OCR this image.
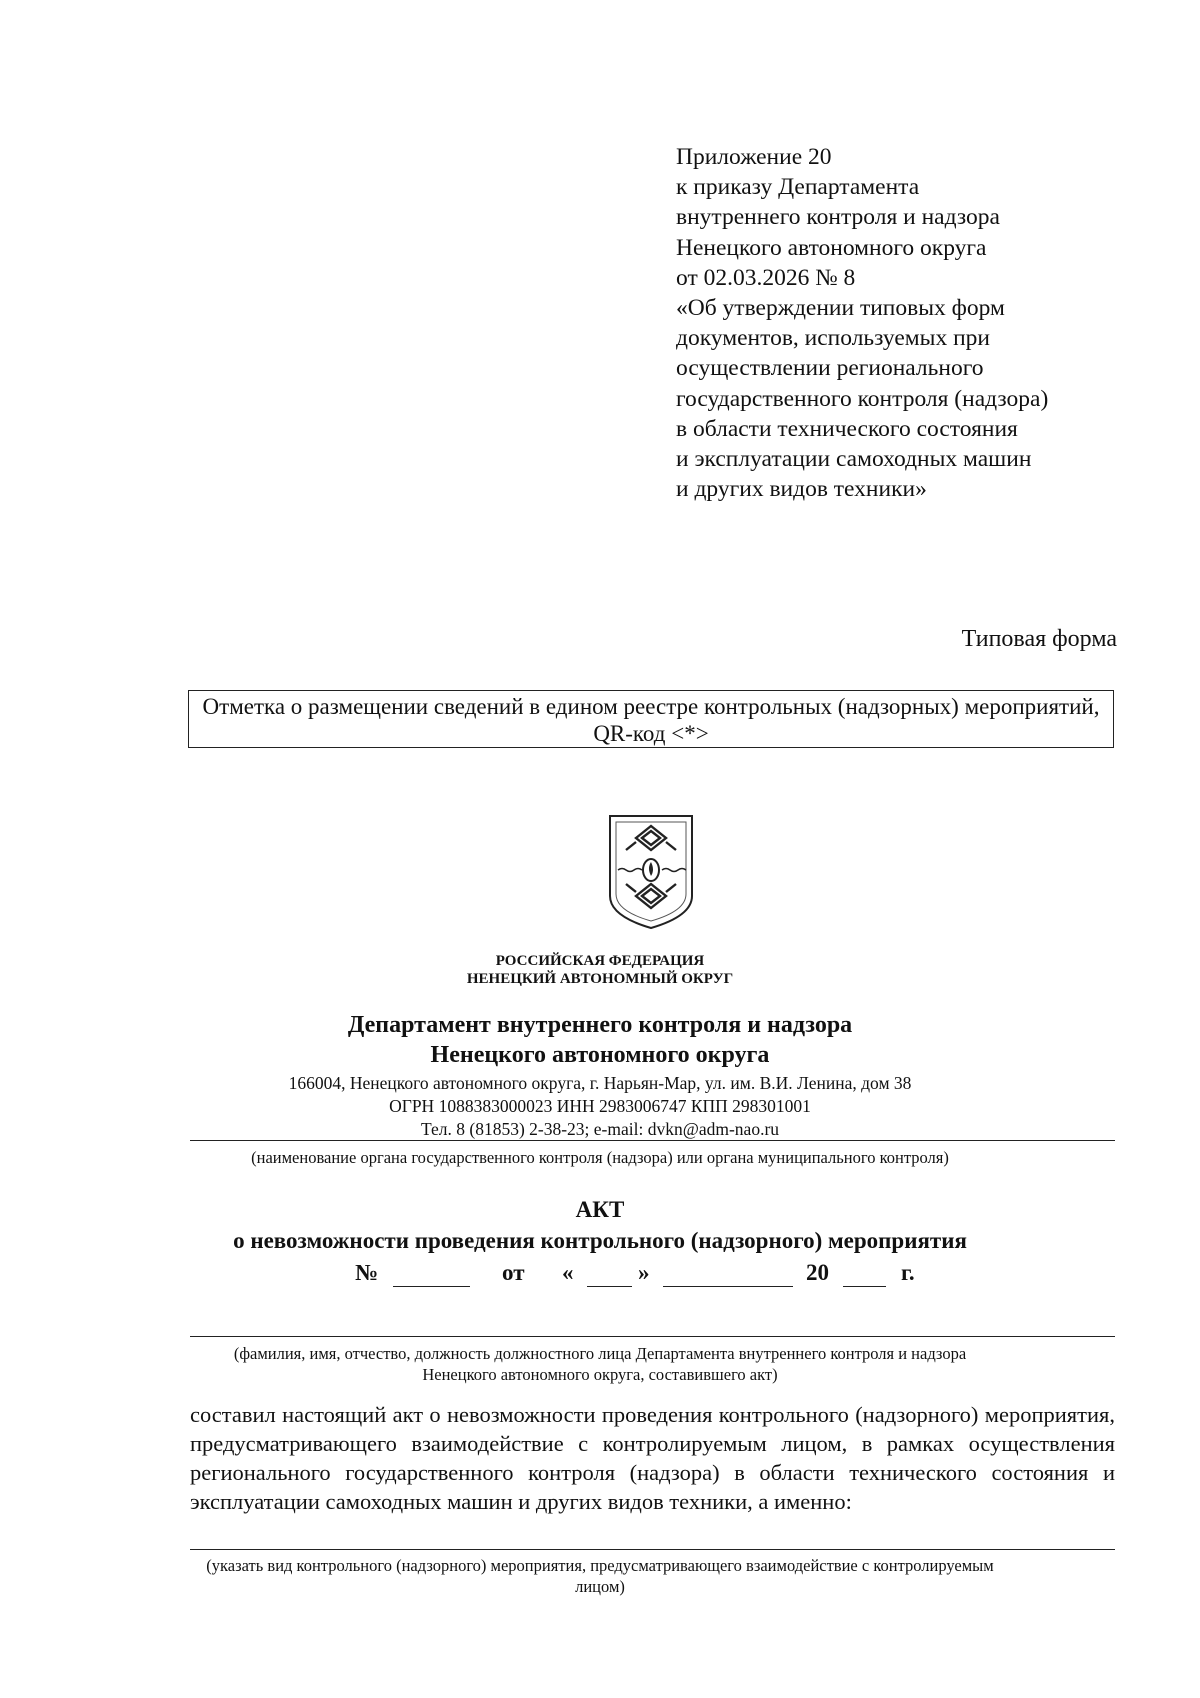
Приложение 20
к приказу Департамента
внутреннего контроля и надзора
Ненецкого автономного округа
от 02.03.2026 № 8
«Об утверждении типовых форм
документов, используемых при
осуществлении регионального
государственного контроля (надзора)
в области технического состояния
и эксплуатации самоходных машин
и других видов техники»
Типовая форма
Отметка о размещении сведений в едином реестре контрольных (надзорных) мероприятий,
QR-код <*>
РОССИЙСКАЯ ФЕДЕРАЦИЯ
НЕНЕЦКИЙ АВТОНОМНЫЙ ОКРУГ
Департамент внутреннего контроля и надзора
Ненецкого автономного округа
166004, Ненецкого автономного округа, г. Нарьян-Мар, ул. им. В.И. Ленина, дом 38
ОГРН 1088383000023 ИНН 2983006747 КПП 298301001
Тел. 8 (81853) 2-38-23; e-mail: dvkn@adm-nao.ru
(наименование органа государственного контроля (надзора) или органа муниципального контроля)
АКТ
о невозможности проведения контрольного (надзорного) мероприятия
№	от «	»	20	г.
(фамилия, имя, отчество, должность должностного лица Департамента внутреннего контроля и надзора
Ненецкого автономного округа, составившего акт)
составил настоящий акт о невозможности проведения контрольного (надзорного) мероприятия, предусматривающего взаимодействие с контролируемым лицом, в рамках осуществления регионального государственного контроля (надзора) в области технического состояния и эксплуатации самоходных машин и других видов техники, а именно:
(указать вид контрольного (надзорного) мероприятия, предусматривающего взаимодействие с контролируемым
лицом)
